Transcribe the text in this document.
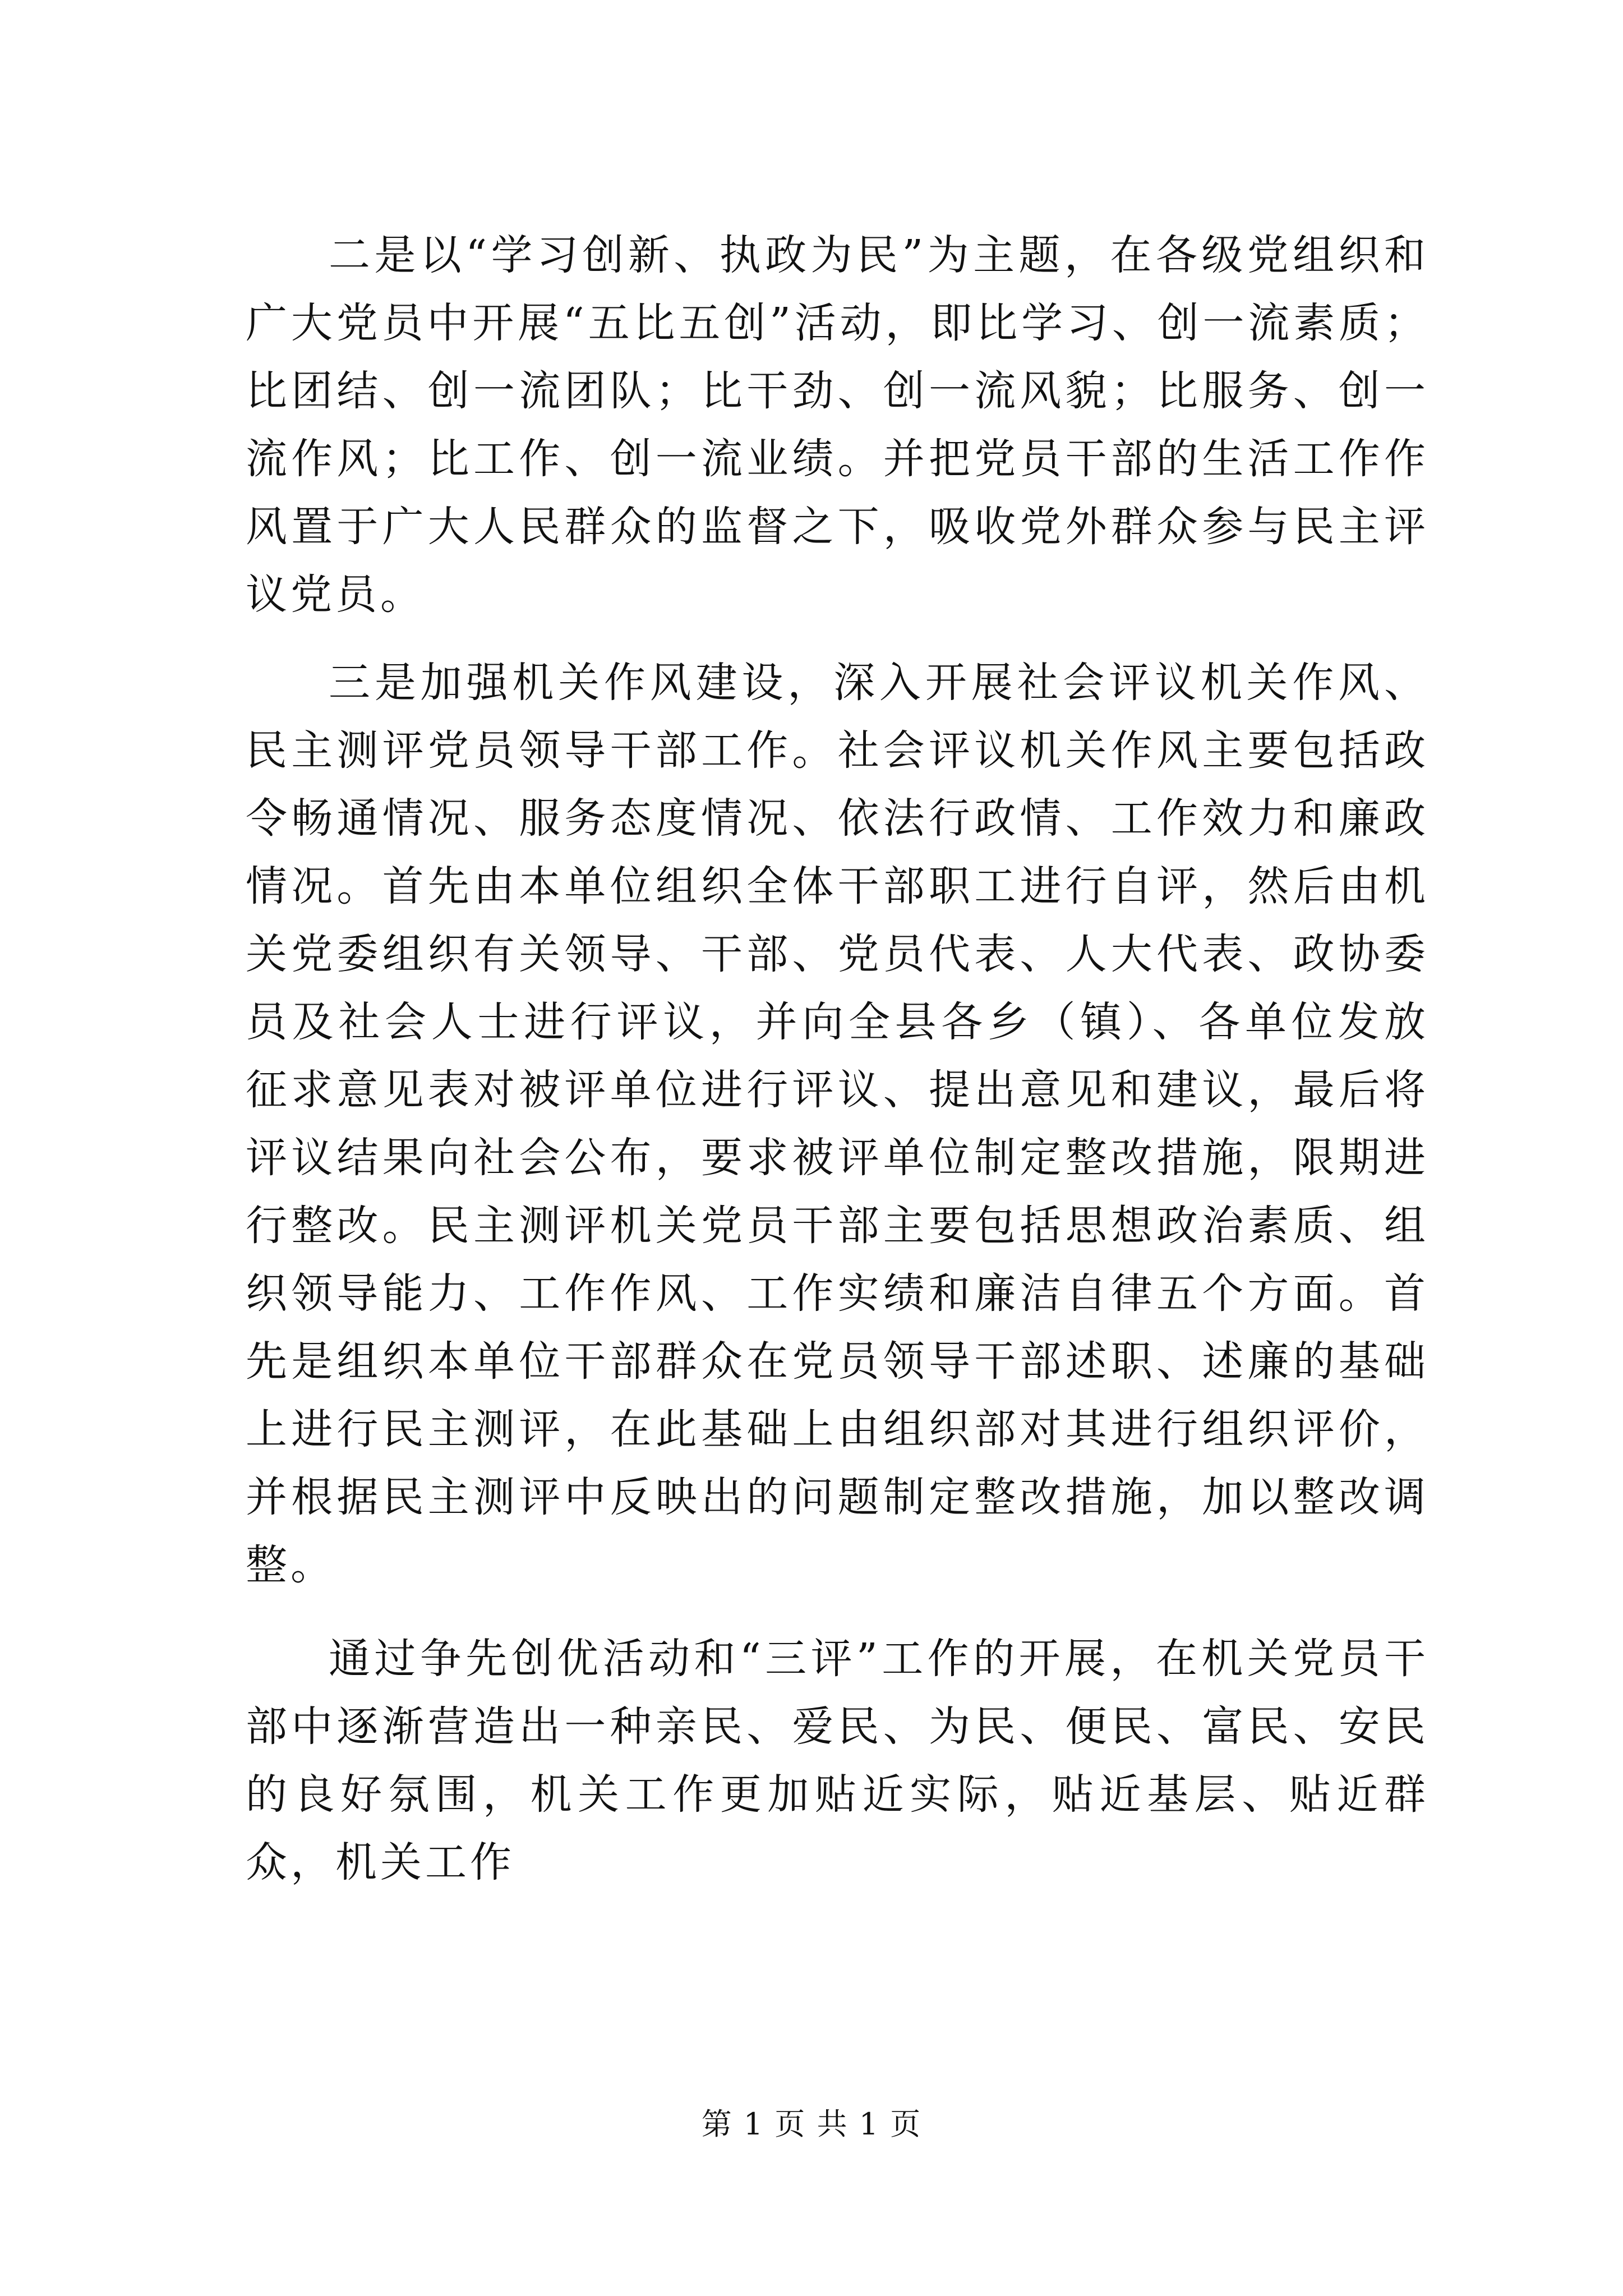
二是以“学习创新、执政为民”为主题，在各级党组织和广大党员中开展“五比五创”活动，即比学习、创一流素质；比团结、创一流团队；比干劲、创一流风貌；比服务、创一流作风；比工作、创一流业绩。并把党员干部的生活工作作风置于广大人民群众的监督之下，吸收党外群众参与民主评议党员。

三是加强机关作风建设，深入开展社会评议机关作风、民主测评党员领导干部工作。社会评议机关作风主要包括政令畅通情况、服务态度情况、依法行政情、工作效力和廉政情况。首先由本单位组织全体干部职工进行自评，然后由机关党委组织有关领导、干部、党员代表、人大代表、政协委员及社会人士进行评议，并向全县各乡（镇）、各单位发放征求意见表对被评单位进行评议、提出意见和建议，最后将评议结果向社会公布，要求被评单位制定整改措施，限期进行整改。民主测评机关党员干部主要包括思想政治素质、组织领导能力、工作作风、工作实绩和廉洁自律五个方面。首先是组织本单位干部群众在党员领导干部述职、述廉的基础上进行民主测评，在此基础上由组织部对其进行组织评价，并根据民主测评中反映出的问题制定整改措施，加以整改调整。

通过争先创优活动和“三评”工作的开展，在机关党员干部中逐渐营造出一种亲民、爱民、为民、便民、富民、安民的良好氛围，机关工作更加贴近实际，贴近基层、贴近群众，机关工作

第 1 页 共 1 页
